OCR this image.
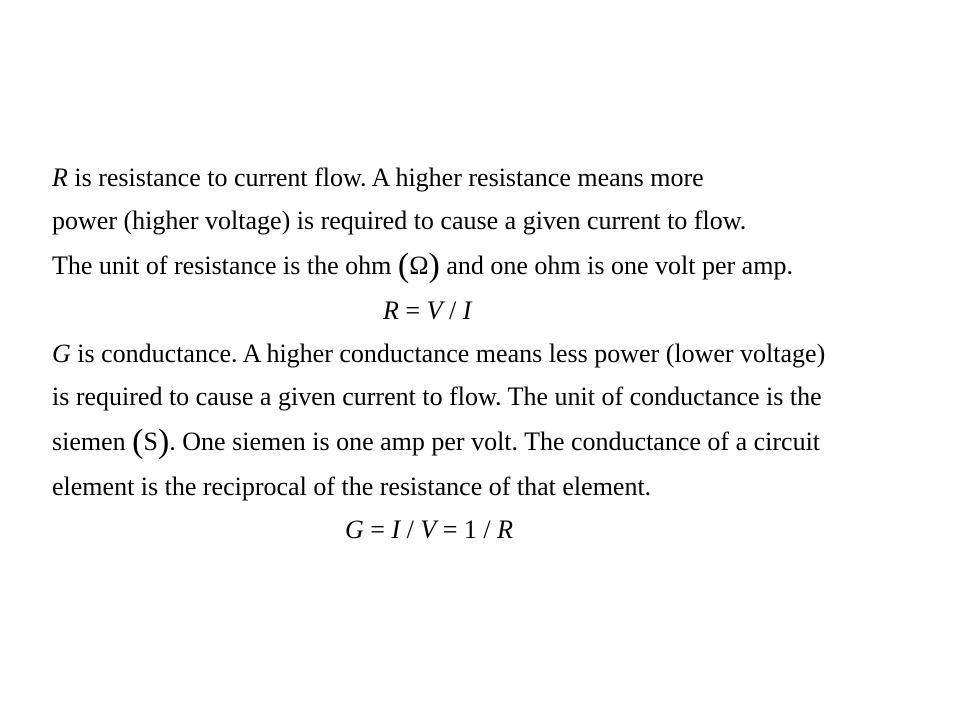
R is resistance to current flow. A higher resistance means more
power (higher voltage) is required to cause a given current to flow.
The unit of resistance is the ohm (Ω) and one ohm is one volt per amp.
R = V / I
G is conductance. A higher conductance means less power (lower voltage)
is required to cause a given current to flow. The unit of conductance is the
siemen (S). One siemen is one amp per volt. The conductance of a circuit
element is the reciprocal of the resistance of that element.
G = I / V = 1 / R
